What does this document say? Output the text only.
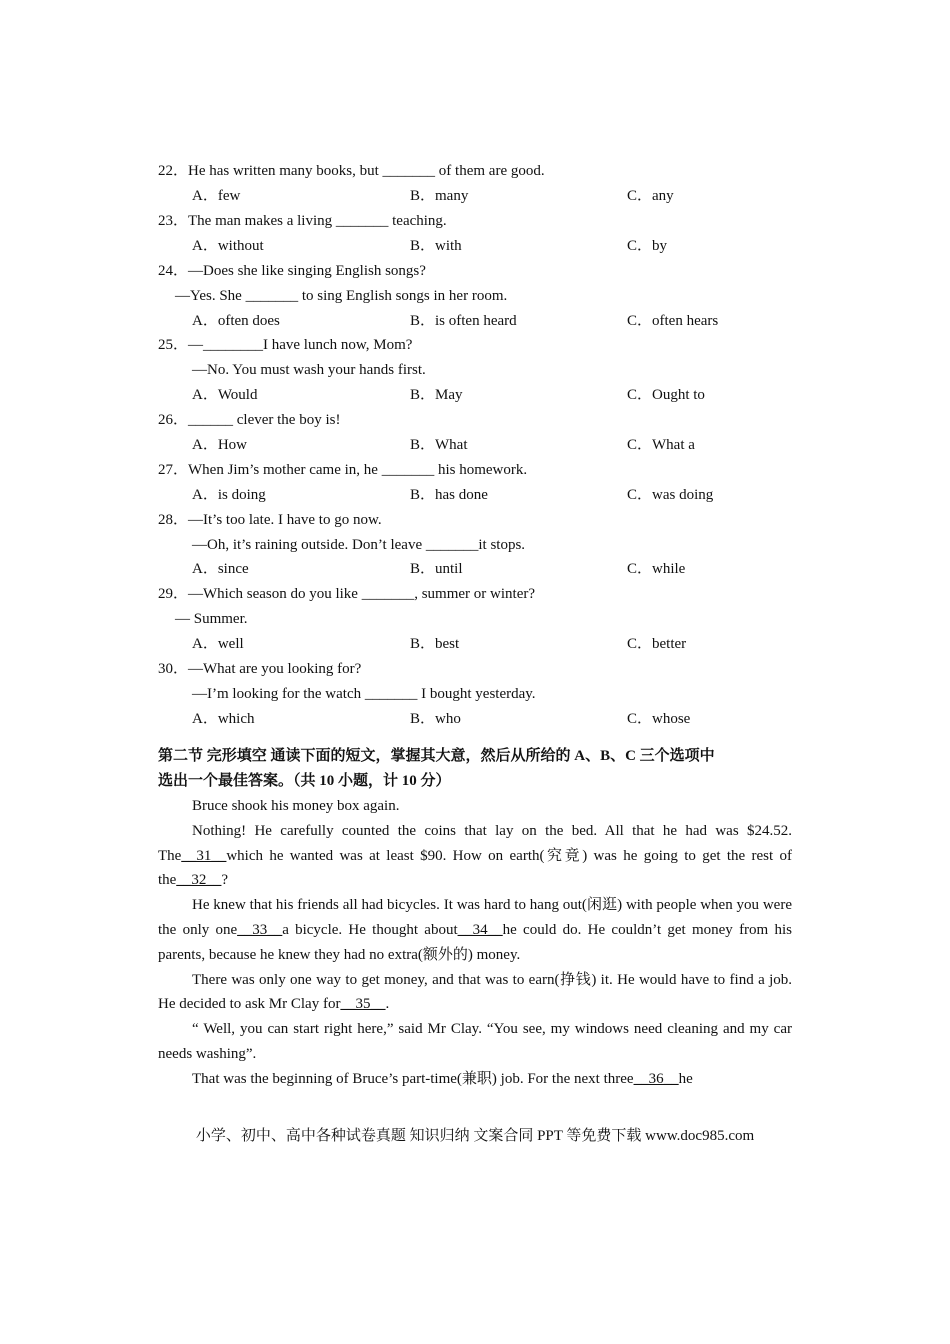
22．He has written many books, but _______ of them are good.
A．few	B．many	C．any
23．The man makes a living _______ teaching.
A．without	B．with	C．by
24．—Does she like singing English songs?
—Yes. She _______ to sing English songs in her room.
A．often does	B．is often heard	C．often hears
25．—________I have lunch now, Mom?
—No. You must wash your hands first.
A．Would	B．May	C．Ought to
26．______ clever the boy is!
A．How	B．What	C．What a
27．When Jim’s mother came in, he _______ his homework.
A．is doing	B．has done	C．was doing
28．—It’s too late. I have to go now.
—Oh, it’s raining outside. Don’t leave _______it stops.
A．since	B．until	C．while
29．—Which season do you like _______, summer or winter?
— Summer.
A．well	B．best	C．better
30．—What are you looking for?
—I’m looking for the watch _______ I bought yesterday.
A．which	B．who	C．whose
第二节 完形填空 通读下面的短文，掌握其大意，然后从所给的 A、B、C 三个选项中
选出一个最佳答案。（共 10 小题，计 10 分）
Bruce shook his money box again.
Nothing! He carefully counted the coins that lay on the bed. All that he had was $24.52. The__31__which he wanted was at least $90. How on earth(究竟) was he going to get the rest of the__32__?
He knew that his friends all had bicycles. It was hard to hang out(闲逛) with people when you were the only one__33__a bicycle. He thought about__34__he could do. He couldn’t get money from his parents, because he knew they had no extra(额外的) money.
There was only one way to get money, and that was to earn(挣钱) it. He would have to find a job. He decided to ask Mr Clay for__35__.
“ Well, you can start right here,” said Mr Clay. “You see, my windows need cleaning and my car needs washing”.
That was the beginning of Bruce’s part-time(兼职) job. For the next three__36__he
小学、初中、高中各种试卷真题 知识归纳 文案合同 PPT 等免费下载 www.doc985.com
